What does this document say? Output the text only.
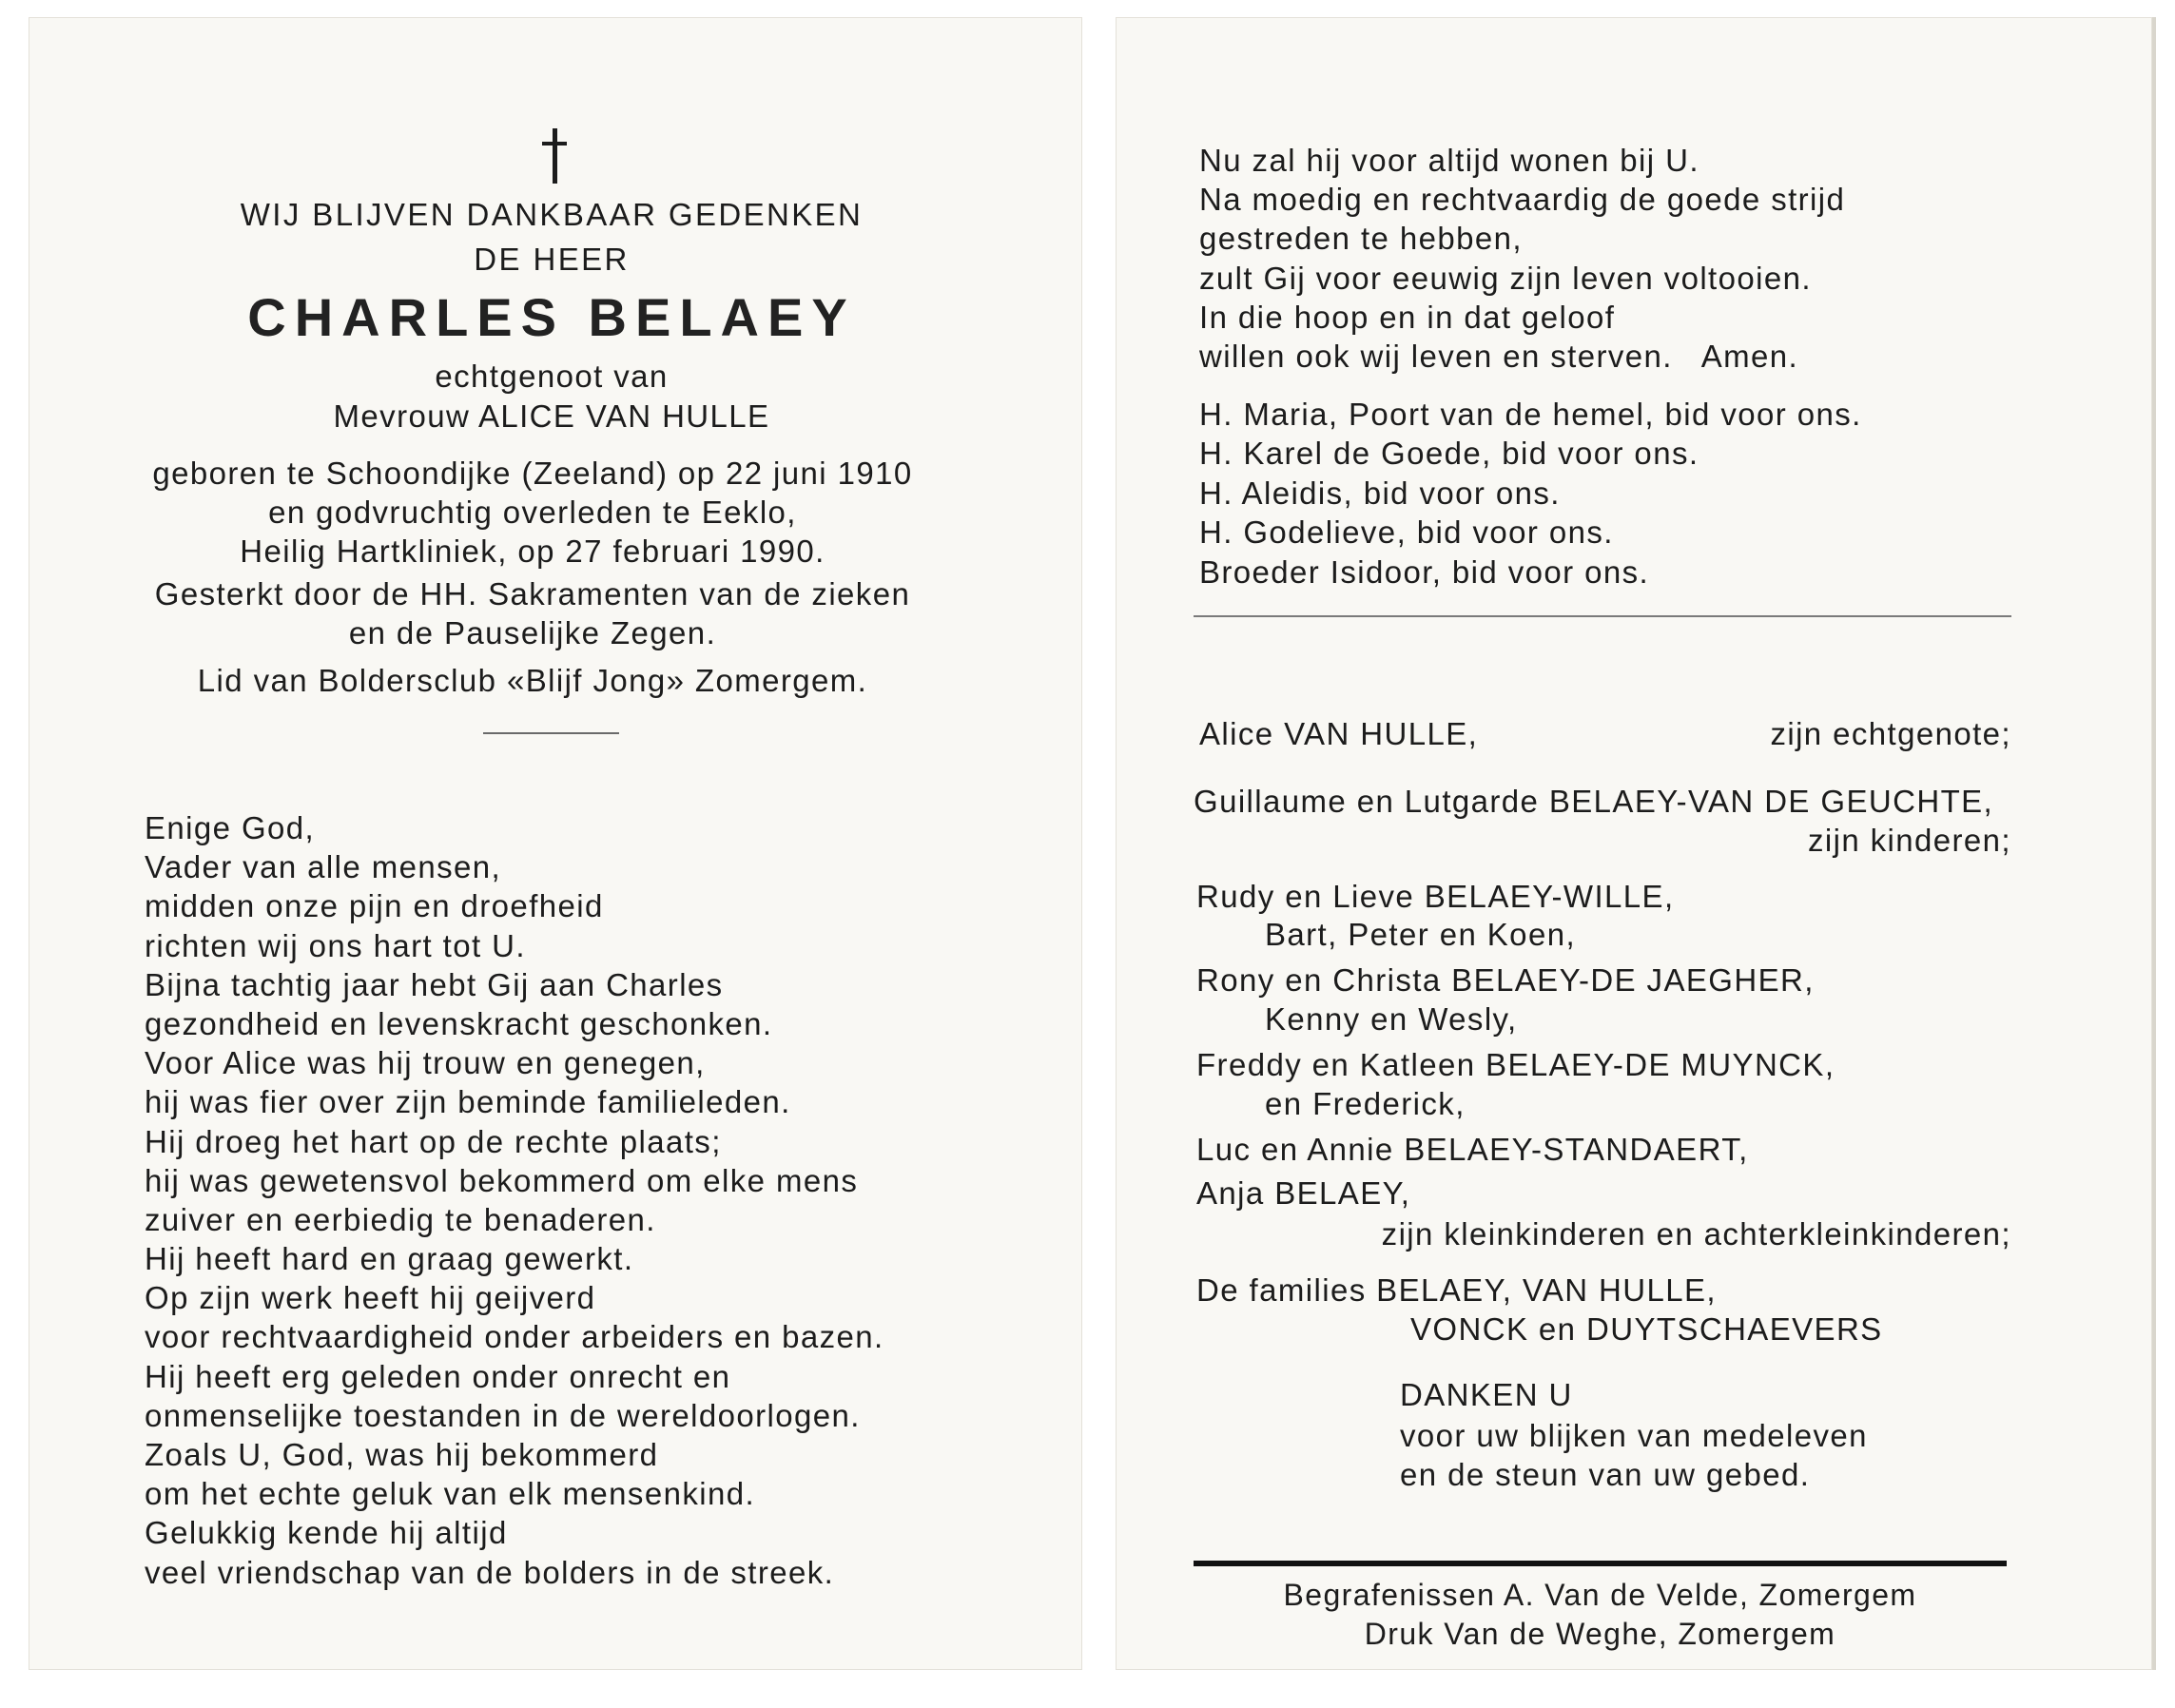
WIJ BLIJVEN DANKBAAR GEDENKEN
DE HEER
CHARLES BELAEY
echtgenoot van
Mevrouw ALICE VAN HULLE
geboren te Schoondijke (Zeeland) op 22 juni 1910
en godvruchtig overleden te Eeklo,
Heilig Hartkliniek, op 27 februari 1990.
Gesterkt door de HH. Sakramenten van de zieken
en de Pauselijke Zegen.
Lid van Boldersclub «Blijf Jong» Zomergem.
Enige God,
Vader van alle mensen,
midden onze pijn en droefheid
richten wij ons hart tot U.
Bijna tachtig jaar hebt Gij aan Charles
gezondheid en levenskracht geschonken.
Voor Alice was hij trouw en genegen,
hij was fier over zijn beminde familieleden.
Hij droeg het hart op de rechte plaats;
hij was gewetensvol bekommerd om elke mens
zuiver en eerbiedig te benaderen.
Hij heeft hard en graag gewerkt.
Op zijn werk heeft hij geijverd
voor rechtvaardigheid onder arbeiders en bazen.
Hij heeft erg geleden onder onrecht en
onmenselijke toestanden in de wereldoorlogen.
Zoals U, God, was hij bekommerd
om het echte geluk van elk mensenkind.
Gelukkig kende hij altijd
veel vriendschap van de bolders in de streek.
Nu zal hij voor altijd wonen bij U.
Na moedig en rechtvaardig de goede strijd
gestreden te hebben,
zult Gij voor eeuwig zijn leven voltooien.
In die hoop en in dat geloof
willen ook wij leven en sterven.   Amen.
H. Maria, Poort van de hemel, bid voor ons.
H. Karel de Goede, bid voor ons.
H. Aleidis, bid voor ons.
H. Godelieve, bid voor ons.
Broeder Isidoor, bid voor ons.
Alice VAN HULLE,	zijn echtgenote;
Guillaume en Lutgarde BELAEY-VAN DE GEUCHTE,
zijn kinderen;
Rudy en Lieve BELAEY-WILLE,
Bart, Peter en Koen,
Rony en Christa BELAEY-DE JAEGHER,
Kenny en Wesly,
Freddy en Katleen BELAEY-DE MUYNCK,
en Frederick,
Luc en Annie BELAEY-STANDAERT,
Anja BELAEY,
zijn kleinkinderen en achterkleinkinderen;
De families BELAEY, VAN HULLE,
VONCK en DUYTSCHAEVERS
DANKEN U
voor uw blijken van medeleven
en de steun van uw gebed.
Begrafenissen A. Van de Velde, Zomergem
Druk Van de Weghe, Zomergem
